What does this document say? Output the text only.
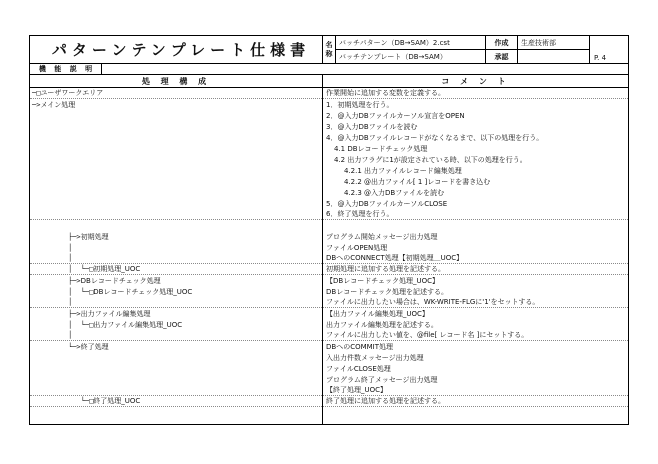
パターンテンプレート仕様書 名
称
バッチパターン（DB→SAM）2.cst
バッチテンプレート（DB→SAM）
作成
承認
生産技術部
P. 4
機 能 説 明
処 理 構 成	コ メ ン ト
─□ ユーザワークエリア
─> メイン処理
├─> 初期処理
│
│
│  └─□ 初期処理_UOC
├─> DBレコードチェック処理
│  └─□ DBレコードチェック処理_UOC
│
├─> 出力ファイル編集処理
│  └─□ 出力ファイル編集処理_UOC
│
└─> 終了処理
└─□ 終了処理_UOC
作業開始に追加する変数を定義する。
1．初期処理を行う。
2．@入力DBファイルカーソル宣言をOPEN
3．@入力DBファイルを読む
4．@入力DBファイルレコードがなくなるまで、以下の処理を行う。
4.1 DBレコードチェック処理
4.2 出力フラグに1が設定されている時、以下の処理を行う。
4.2.1 出力ファイルレコード編集処理
4.2.2 @出力ファイル[ 1 ]レコードを書き込む
4.2.3 @入力DBファイルを読む
5．@入力DBファイルカーソルCLOSE
6．終了処理を行う。
プログラム開始メッセージ出力処理
ファイルOPEN処理
DBへのCONNECT処理【初期処理＿UOC】
初期処理に追加する処理を記述する。
【DBレコードチェック処理_UOC】
DBレコードチェック処理を記述する。
ファイルに出力したい場合は、WK-WRITE-FLGに'1'をセットする。
【出力ファイル編集処理_UOC】
出力ファイル編集処理を記述する。
ファイルに出力したい値を、@file[ レコード名 ]にセットする。
DBへのCOMMIT処理
入出力件数メッセージ出力処理
ファイルCLOSE処理
プログラム終了メッセージ出力処理
【終了処理_UOC】
終了処理に追加する処理を記述する。
